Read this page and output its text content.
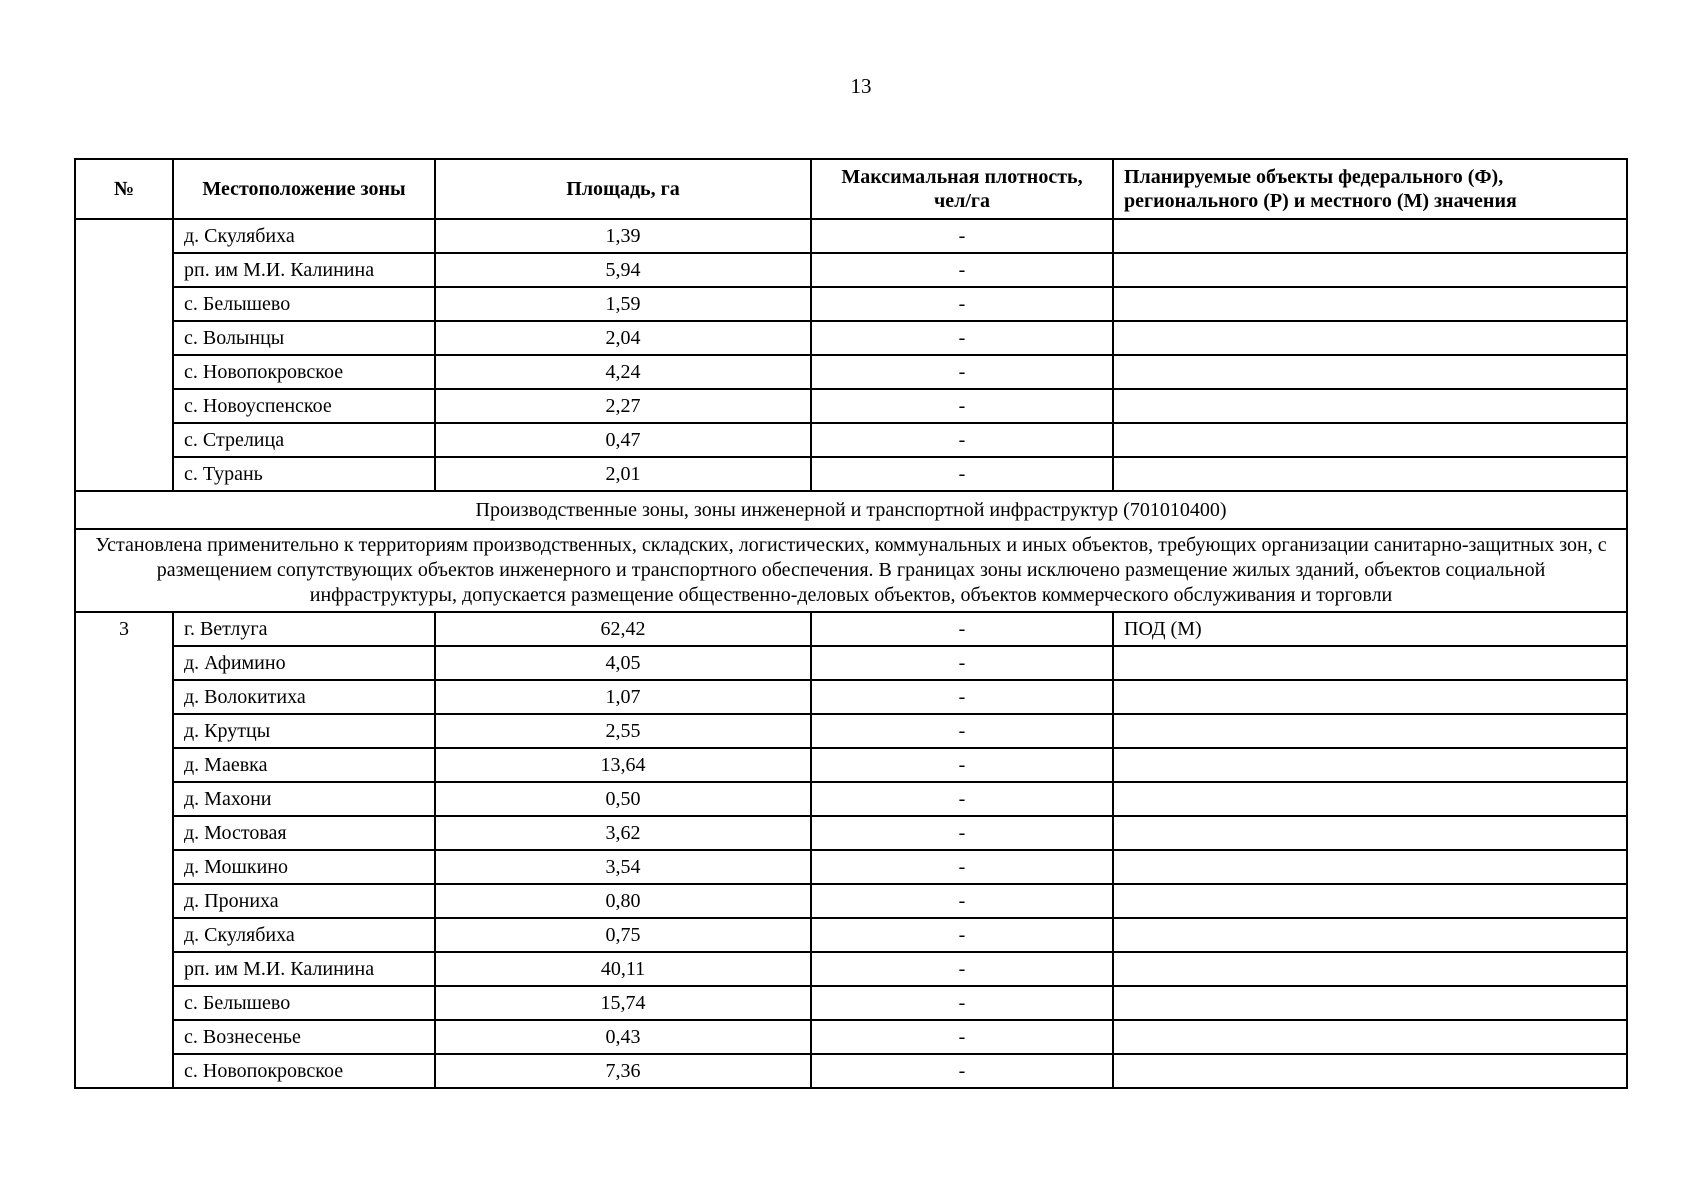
13
№	Местоположение зоны	Площадь, га	Максимальная плотность, чел/га	Планируемые объекты федерального (Ф), регионального (Р) и местного (М) значения
	д. Скулябиха	1,39	-	
	рп. им М.И. Калинина	5,94	-	
	с. Белышево	1,59	-	
	с. Волынцы	2,04	-	
	с. Новопокровское	4,24	-	
	с. Новоуспенское	2,27	-	
	с. Стрелица	0,47	-	
	с. Турань	2,01	-	
Производственные зоны, зоны инженерной и транспортной инфраструктур (701010400)				
Установлена применительно к территориям производственных, складских, логистических, коммунальных и иных объектов, требующих организации санитарно-защитных зон, с размещением сопутствующих объектов инженерного и транспортного обеспечения. В границах зоны исключено размещение жилых зданий, объектов социальной инфраструктуры, допускается размещение общественно-деловых объектов, объектов коммерческого обслуживания и торговли				
3	г. Ветлуга	62,42	-	ПОД (М)
	д. Афимино	4,05	-	
	д. Волокитиха	1,07	-	
	д. Крутцы	2,55	-	
	д. Маевка	13,64	-	
	д. Махони	0,50	-	
	д. Мостовая	3,62	-	
	д. Мошкино	3,54	-	
	д. Прониха	0,80	-	
	д. Скулябиха	0,75	-	
	рп. им М.И. Калинина	40,11	-	
	с. Белышево	15,74	-	
	с. Вознесенье	0,43	-	
	с. Новопокровское	7,36	-	
